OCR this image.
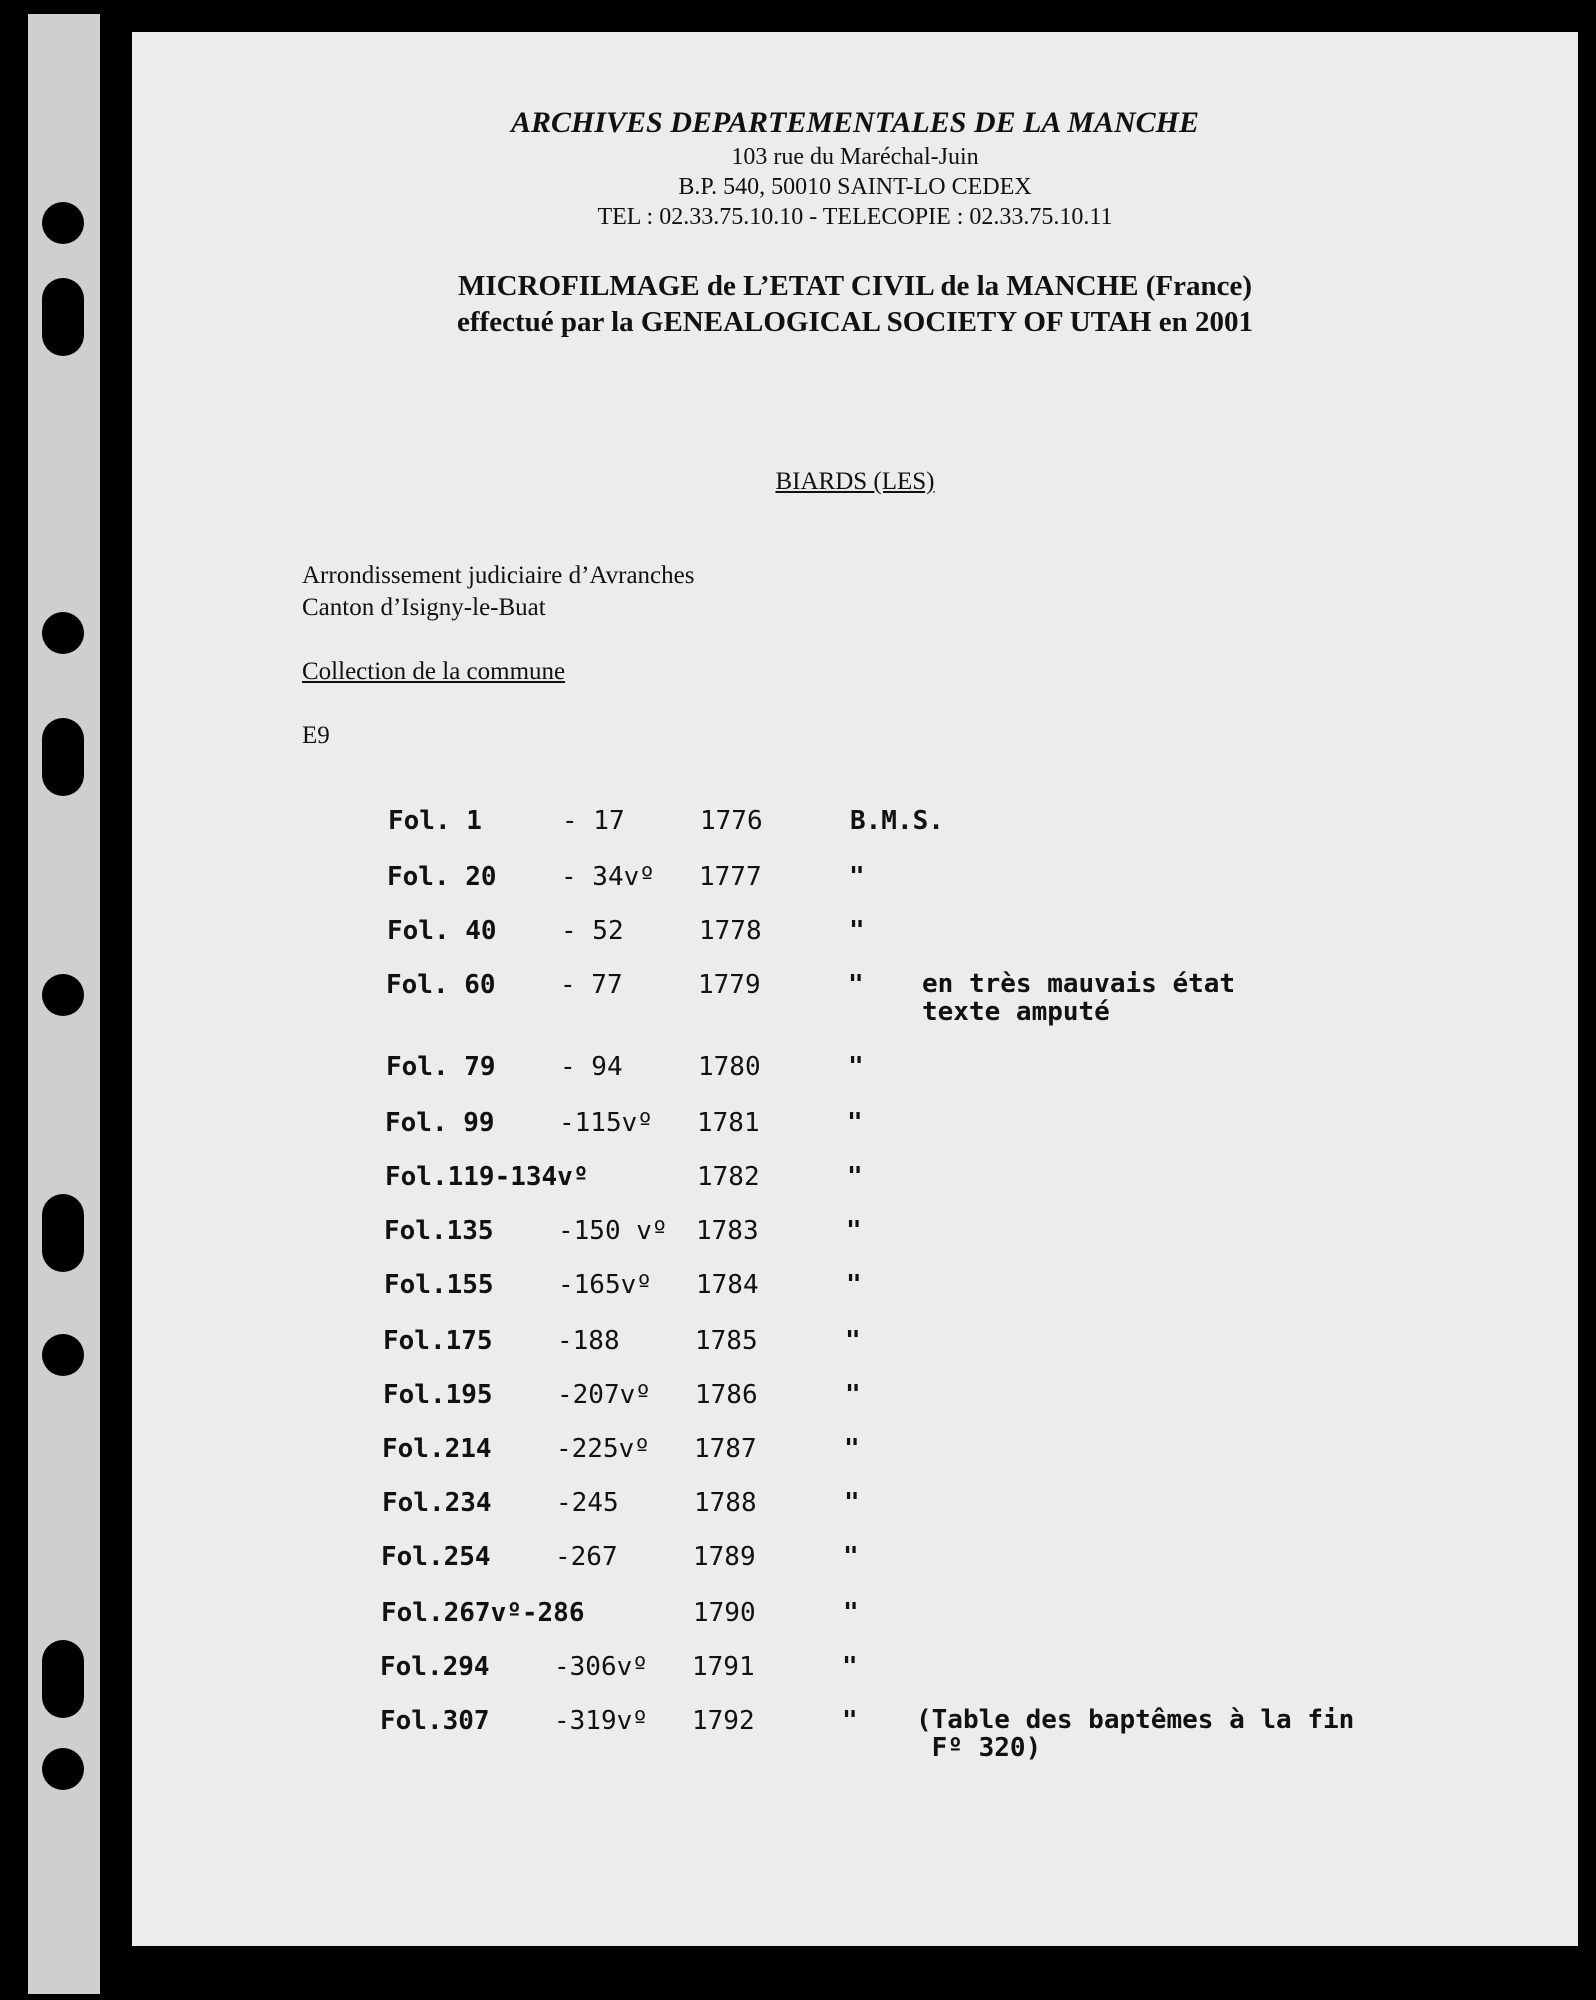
ARCHIVES DEPARTEMENTALES DE LA MANCHE
103 rue du Maréchal-Juin
B.P. 540, 50010 SAINT-LO CEDEX
TEL : 02.33.75.10.10 - TELECOPIE : 02.33.75.10.11
MICROFILMAGE de L’ETAT CIVIL de la MANCHE (France)
effectué par la GENEALOGICAL SOCIETY OF UTAH en 2001
BIARDS (LES)
Arrondissement judiciaire d’Avranches
Canton d’Isigny-le-Buat
Collection de la commune
E9
Fol. 1	- 17	1776	B.M.S.
Fol. 20 - 34vº 1777	"
Fol. 40 - 52	1778	"
Fol. 60 - 77	1779	" en très mauvais état
texte amputé
Fol. 79 - 94	1780	"
Fol. 99 -115vº 1781	"
Fol.119-134vº	1782	"
Fol.135 -150 vº 1783	"
Fol.155 -165vº 1784	"
Fol.175 -188	1785	"
Fol.195 -207vº 1786	"
Fol.214 -225vº 1787	"
Fol.234 -245	1788	"
Fol.254 -267	1789	"
Fol.267vº-286	1790	"
Fol.294 -306vº 1791	"
Fol.307 -319vº 1792	" (Table des baptêmes à la fin
Fº 320)
